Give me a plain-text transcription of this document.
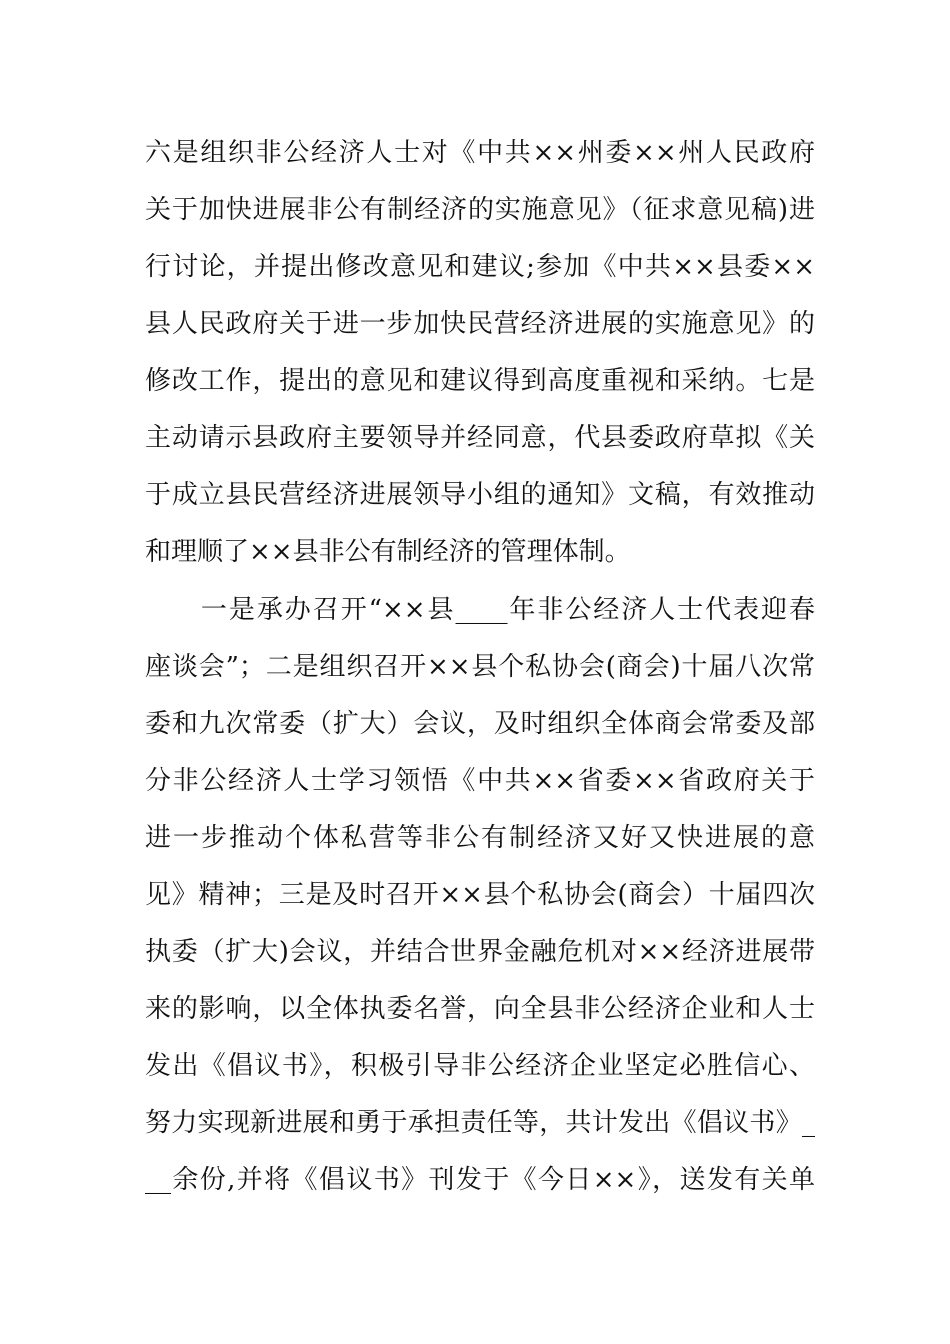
六是组织非公经济人士对《中共××州委××州人民政府
关于加快进展非公有制经济的实施意见》（征求意见稿)进
行讨论，并提出修改意见和建议;参加《中共××县委××
县人民政府关于进一步加快民营经济进展的实施意见》的
修改工作，提出的意见和建议得到高度重视和采纳。七是
主动请示县政府主要领导并经同意，代县委政府草拟《关
于成立县民营经济进展领导小组的通知》文稿，有效推动
和理顺了××县非公有制经济的管理体制。
　　一是承办召开“××县____年非公经济人士代表迎春
座谈会”；二是组织召开××县个私协会(商会)十届八次常
委和九次常委（扩大）会议，及时组织全体商会常委及部
分非公经济人士学习领悟《中共××省委××省政府关于
进一步推动个体私营等非公有制经济又好又快进展的意
见》精神；三是及时召开××县个私协会(商会）十届四次
执委（扩大)会议，并结合世界金融危机对××经济进展带
来的影响，以全体执委名誉，向全县非公经济企业和人士
发出《倡议书》，积极引导非公经济企业坚定必胜信心、
努力实现新进展和勇于承担责任等，共计发出《倡议书》_
__余份,并将《倡议书》刊发于《今日××》，送发有关单
